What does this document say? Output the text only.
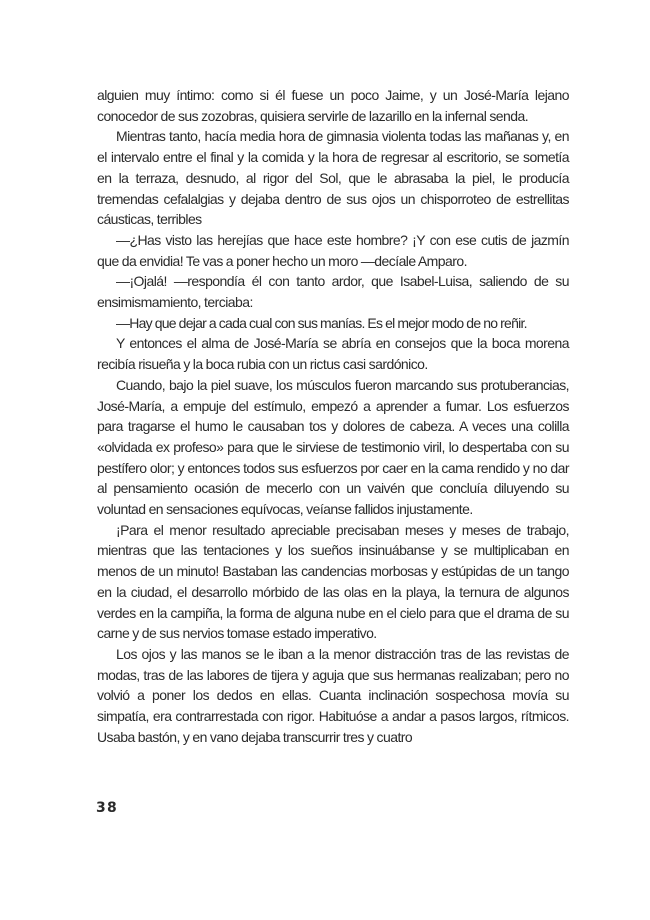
alguien muy íntimo: como si él fuese un poco Jaime, y un José-María lejano conocedor de sus zozobras, quisiera servirle de lazarillo en la infernal senda.

Mientras tanto, hacía media hora de gimnasia violenta todas las mañanas y, en el intervalo entre el final y la comida y la hora de regresar al escritorio, se sometía en la terraza, desnudo, al rigor del Sol, que le abrasaba la piel, le producía tremendas cefalalgias y dejaba dentro de sus ojos un chisporroteo de estrellitas cáusticas, terribles

—¿Has visto las herejías que hace este hombre? ¡Y con ese cutis de jazmín que da envidia! Te vas a poner hecho un moro —decíale Amparo.

—¡Ojalá! —respondía él con tanto ardor, que Isabel-Luisa, saliendo de su ensimismamiento, terciaba:

—Hay que dejar a cada cual con sus manías. Es el mejor modo de no reñir.

Y entonces el alma de José-María se abría en consejos que la boca morena recibía risueña y la boca rubia con un rictus casi sardónico.

Cuando, bajo la piel suave, los músculos fueron marcando sus protuberancias, José-María, a empuje del estímulo, empezó a aprender a fumar. Los esfuerzos para tragarse el humo le causaban tos y dolores de cabeza. A veces una colilla «olvidada ex profeso» para que le sirviese de testimonio viril, lo despertaba con su pestífero olor; y entonces todos sus esfuerzos por caer en la cama rendido y no dar al pensamiento ocasión de mecerlo con un vaivén que concluía diluyendo su voluntad en sensaciones equívocas, veíanse fallidos injustamente.

¡Para el menor resultado apreciable precisaban meses y meses de trabajo, mientras que las tentaciones y los sueños insinuábanse y se multiplicaban en menos de un minuto! Bastaban las candencias morbosas y estúpidas de un tango en la ciudad, el desarrollo mórbido de las olas en la playa, la ternura de algunos verdes en la campiña, la forma de alguna nube en el cielo para que el drama de su carne y de sus nervios tomase estado imperativo.

Los ojos y las manos se le iban a la menor distracción tras de las revistas de modas, tras de las labores de tijera y aguja que sus hermanas realizaban; pero no volvió a poner los dedos en ellas. Cuanta inclinación sospechosa movía su simpatía, era contrarrestada con rigor. Habituóse a andar a pasos largos, rítmicos. Usaba bastón, y en vano dejaba transcurrir tres y cuatro

38
